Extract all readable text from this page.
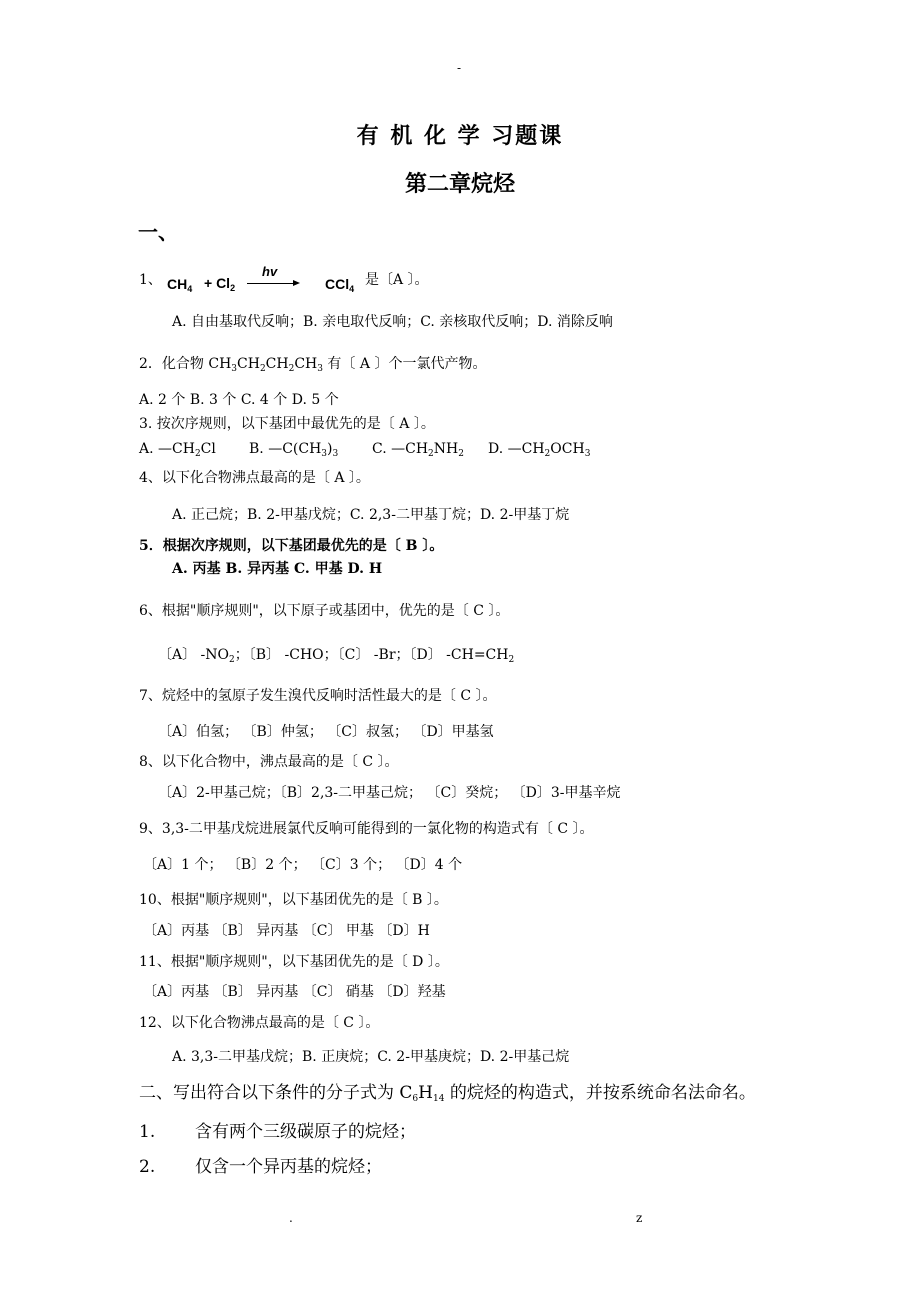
-
有 机 化 学 习题课
第二章烷烃
一、
1、 $CH_4 + Cl_2$
hv
CCl$_4$
是〔A 〕。
A. 自由基取代反响；B. 亲电取代反响；C. 亲核取代反响；D. 消除反响
2．化合物 $CH_3CH_2CH_2CH_3$ 有〔 A 〕个一氯代产物。
A. 2 个 B. 3 个 C. 4 个 D. 5 个
3. 按次序规则，以下基团中最优先的是〔 A 〕。
A. $—CH_2Cl$ B. $—C(CH_3)_3$ C. $—CH_2NH_2$ D. $—CH_2OCH_3$
4、以下化合物沸点最高的是〔 A 〕。
A. 正己烷；B. 2-甲基戊烷；C. 2,3-二甲基丁烷；D. 2-甲基丁烷
5．根据次序规则，以下基团最优先的是〔 B 〕。
A. 丙基 B. 异丙基 C. 甲基 D. H
6、根据"顺序规则"，以下原子或基团中，优先的是〔 C 〕。
〔A〕 $-NO_2$；〔B〕 -CHO；〔C〕 -Br；〔D〕 $-CH=CH_2$
7、烷烃中的氢原子发生溴代反响时活性最大的是〔 C 〕。
〔A〕伯氢； 〔B〕仲氢； 〔C〕叔氢； 〔D〕甲基氢
8、以下化合物中，沸点最高的是〔 C 〕。
〔A〕2-甲基己烷；〔B〕2,3-二甲基己烷； 〔C〕癸烷； 〔D〕3-甲基辛烷
9、3,3-二甲基戊烷进展氯代反响可能得到的一氯化物的构造式有〔 C 〕。
〔A〕1 个； 〔B〕2 个； 〔C〕3 个； 〔D〕4 个
10、根据"顺序规则"，以下基团优先的是〔 B 〕。
〔A〕丙基 〔B〕 异丙基 〔C〕 甲基 〔D〕H
11、根据"顺序规则"，以下基团优先的是〔 D 〕。
〔A〕丙基 〔B〕 异丙基 〔C〕 硝基 〔D〕羟基
12、以下化合物沸点最高的是〔 C 〕。
A. 3,3-二甲基戊烷；B. 正庚烷；C. 2-甲基庚烷；D. 2-甲基己烷
二、写出符合以下条件的分子式为 $C_6H_{14}$ 的烷烃的构造式，并按系统命名法命名。
1. 含有两个三级碳原子的烷烃；
2. 仅含一个异丙基的烷烃；
.	z
